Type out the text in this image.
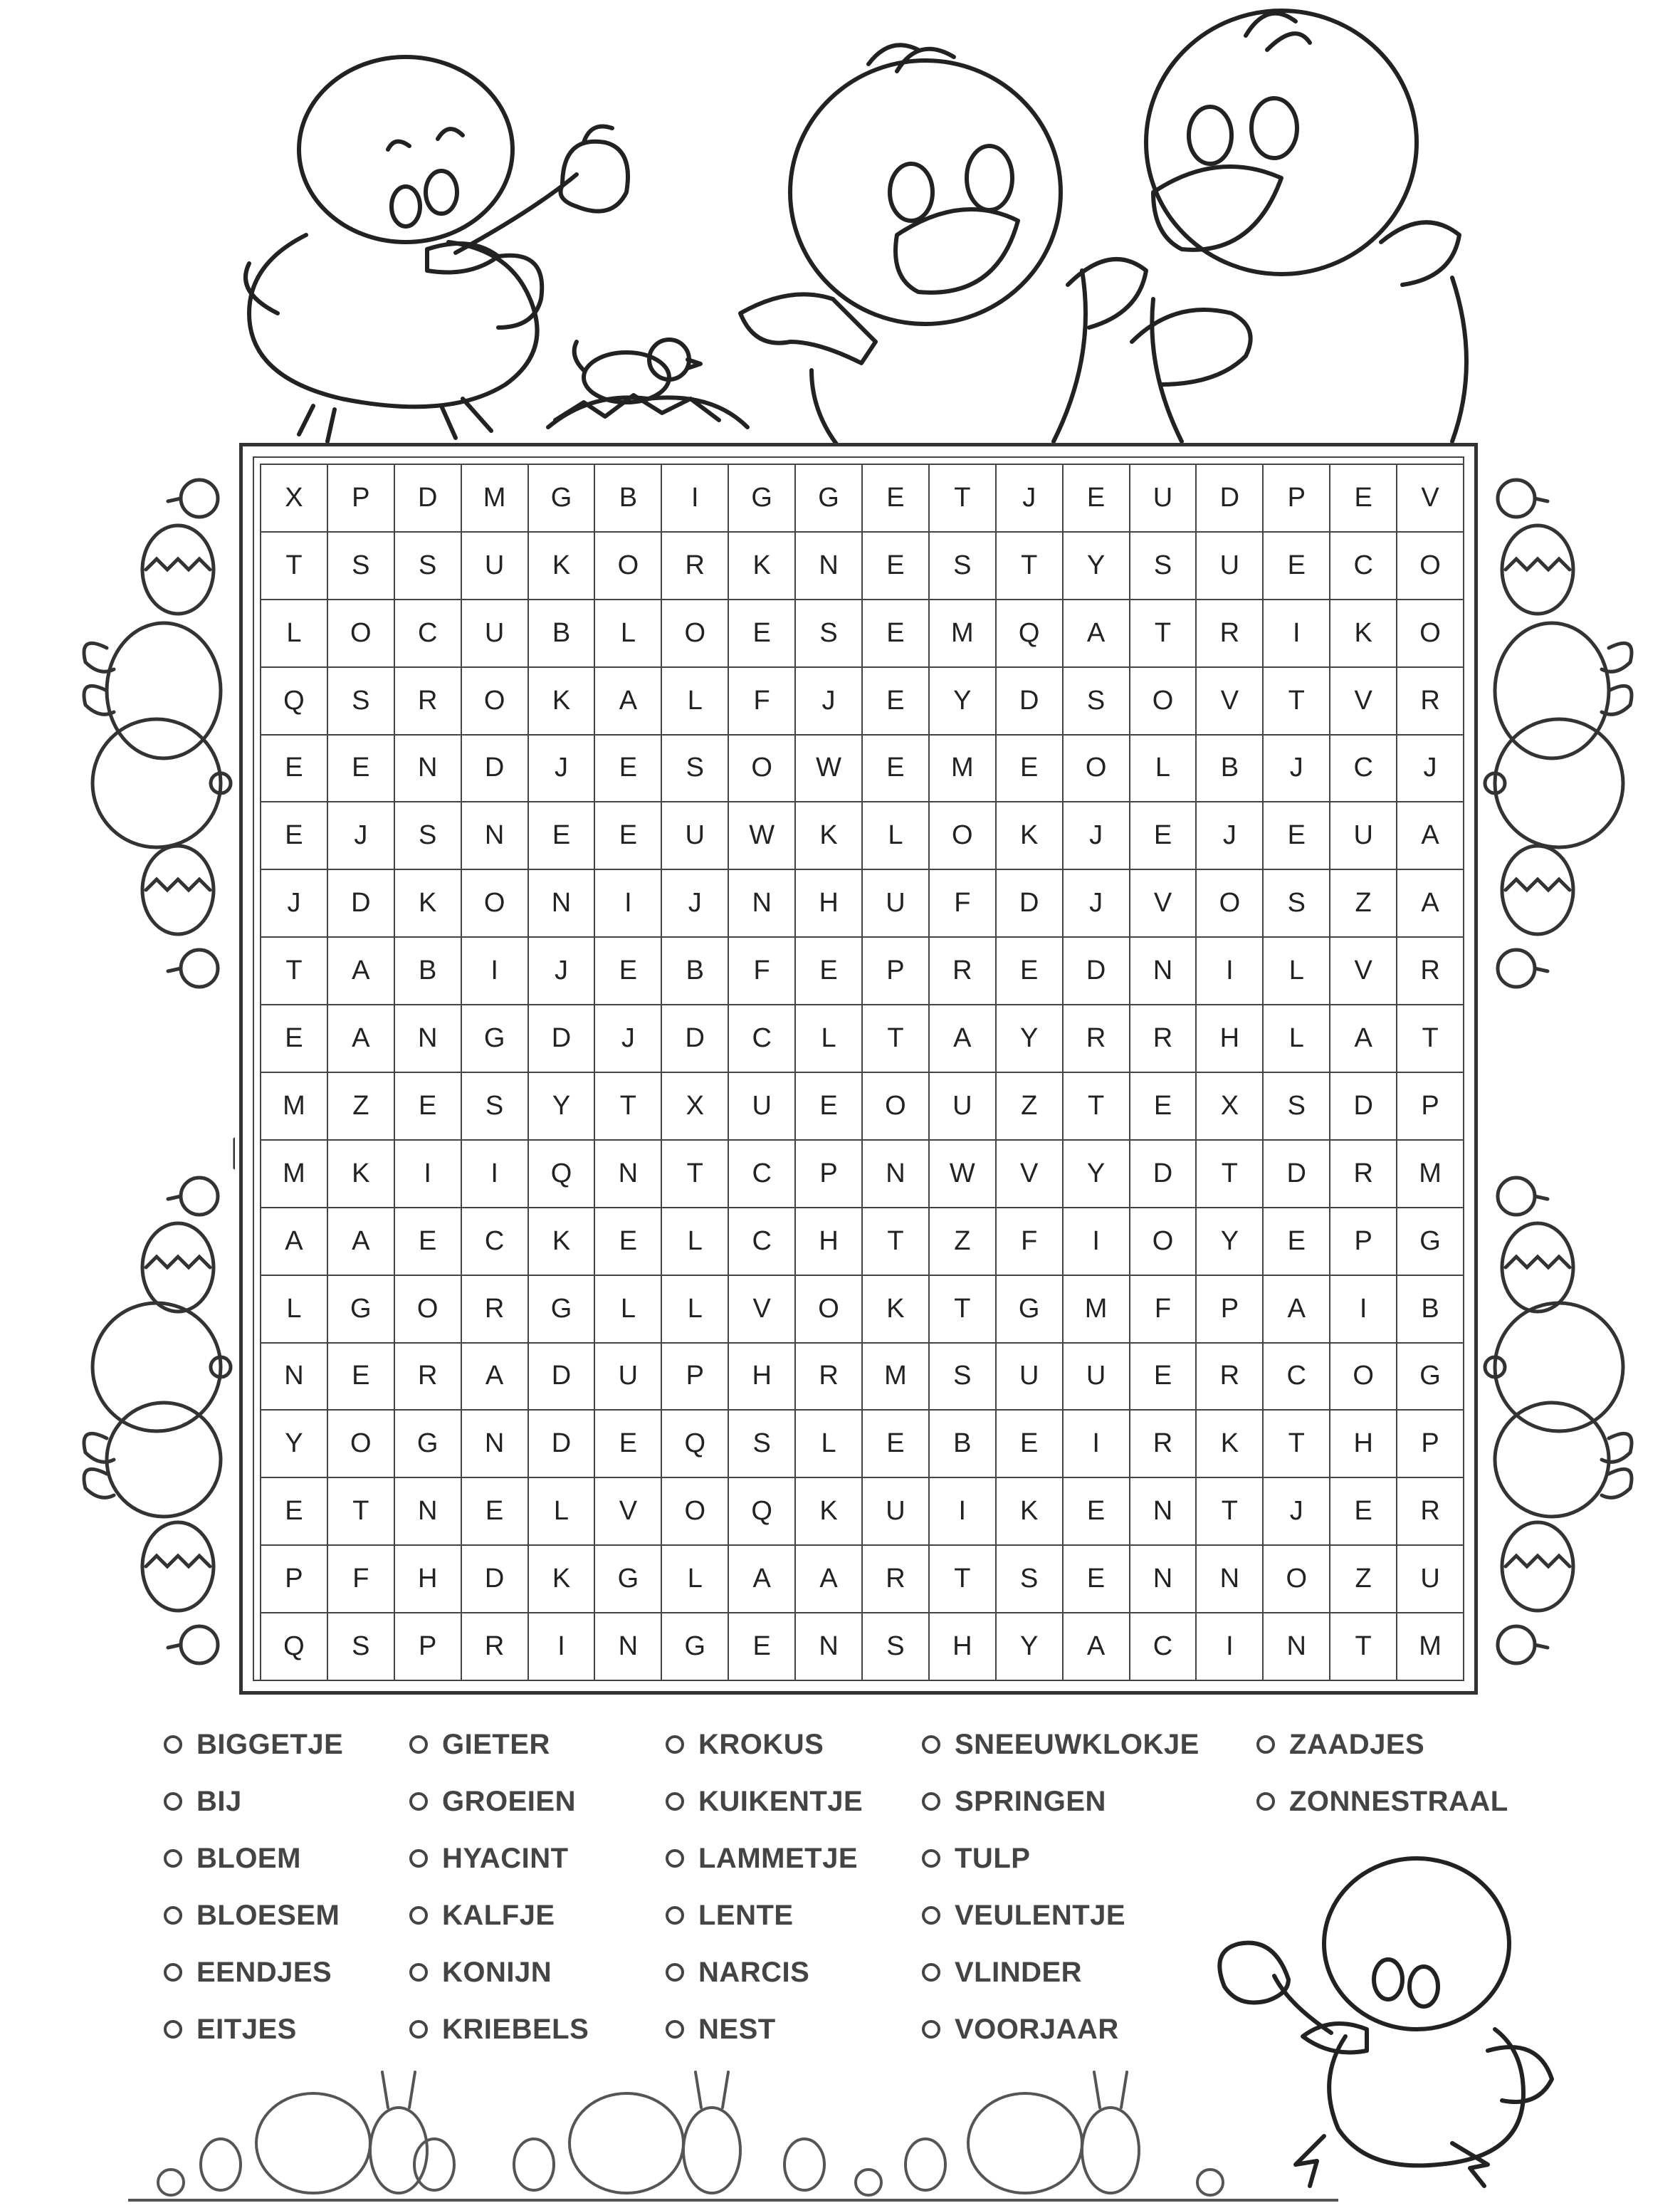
X	P	D	M	G	B	I	G	G	E	T	J	E	U	D	P	E	V
T	S	S	U	K	O	R	K	N	E	S	T	Y	S	U	E	C	O
L	O	C	U	B	L	O	E	S	E	M	Q	A	T	R	I	K	O
Q	S	R	O	K	A	L	F	J	E	Y	D	S	O	V	T	V	R
E	E	N	D	J	E	S	O	W	E	M	E	O	L	B	J	C	J
E	J	S	N	E	E	U	W	K	L	O	K	J	E	J	E	U	A
J	D	K	O	N	I	J	N	H	U	F	D	J	V	O	S	Z	A
T	A	B	I	J	E	B	F	E	P	R	E	D	N	I	L	V	R
E	A	N	G	D	J	D	C	L	T	A	Y	R	R	H	L	A	T
M	Z	E	S	Y	T	X	U	E	O	U	Z	T	E	X	S	D	P
M	K	I	I	Q	N	T	C	P	N	W	V	Y	D	T	D	R	M
A	A	E	C	K	E	L	C	H	T	Z	F	I	O	Y	E	P	G
L	G	O	R	G	L	L	V	O	K	T	G	M	F	P	A	I	B
N	E	R	A	D	U	P	H	R	M	S	U	U	E	R	C	O	G
Y	O	G	N	D	E	Q	S	L	E	B	E	I	R	K	T	H	P
E	T	N	E	L	V	O	Q	K	U	I	K	E	N	T	J	E	R
P	F	H	D	K	G	L	A	A	R	T	S	E	N	N	O	Z	U
Q	S	P	R	I	N	G	E	N	S	H	Y	A	C	I	N	T	M
BIGGETJE
BIJ
BLOEM
BLOESEM
EENDJES
EITJES
GIETER
GROEIEN
HYACINT
KALFJE
KONIJN
KRIEBELS
KROKUS
KUIKENTJE
LAMMETJE
LENTE
NARCIS
NEST
SNEEUWKLOKJE
SPRINGEN
TULP
VEULENTJE
VLINDER
VOORJAAR
ZAADJES
ZONNESTRAAL
